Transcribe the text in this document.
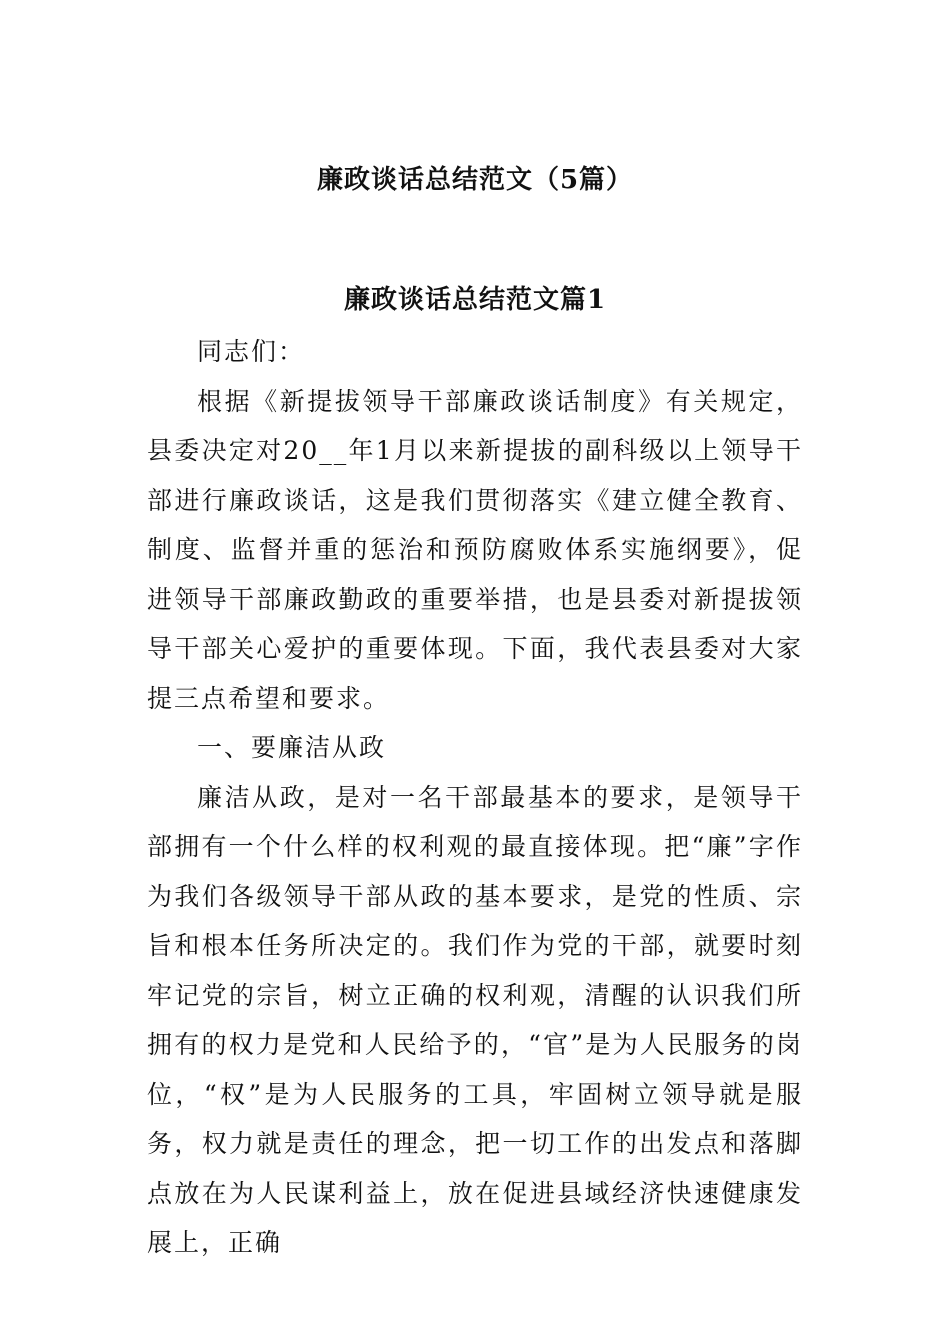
廉政谈话总结范文（5篇）
廉政谈话总结范文篇1

同志们：

根据《新提拔领导干部廉政谈话制度》有关规定，县委决定对20__年1月以来新提拔的副科级以上领导干部进行廉政谈话，这是我们贯彻落实《建立健全教育、制度、监督并重的惩治和预防腐败体系实施纲要》，促进领导干部廉政勤政的重要举措，也是县委对新提拔领导干部关心爱护的重要体现。下面，我代表县委对大家提三点希望和要求。

一、要廉洁从政

廉洁从政，是对一名干部最基本的要求，是领导干部拥有一个什么样的权利观的最直接体现。把“廉”字作为我们各级领导干部从政的基本要求，是党的性质、宗旨和根本任务所决定的。我们作为党的干部，就要时刻牢记党的宗旨，树立正确的权利观，清醒的认识我们所拥有的权力是党和人民给予的，“官”是为人民服务的岗位，“权”是为人民服务的工具，牢固树立领导就是服务，权力就是责任的理念，把一切工作的出发点和落脚点放在为人民谋利益上，放在促进县域经济快速健康发展上，正确
